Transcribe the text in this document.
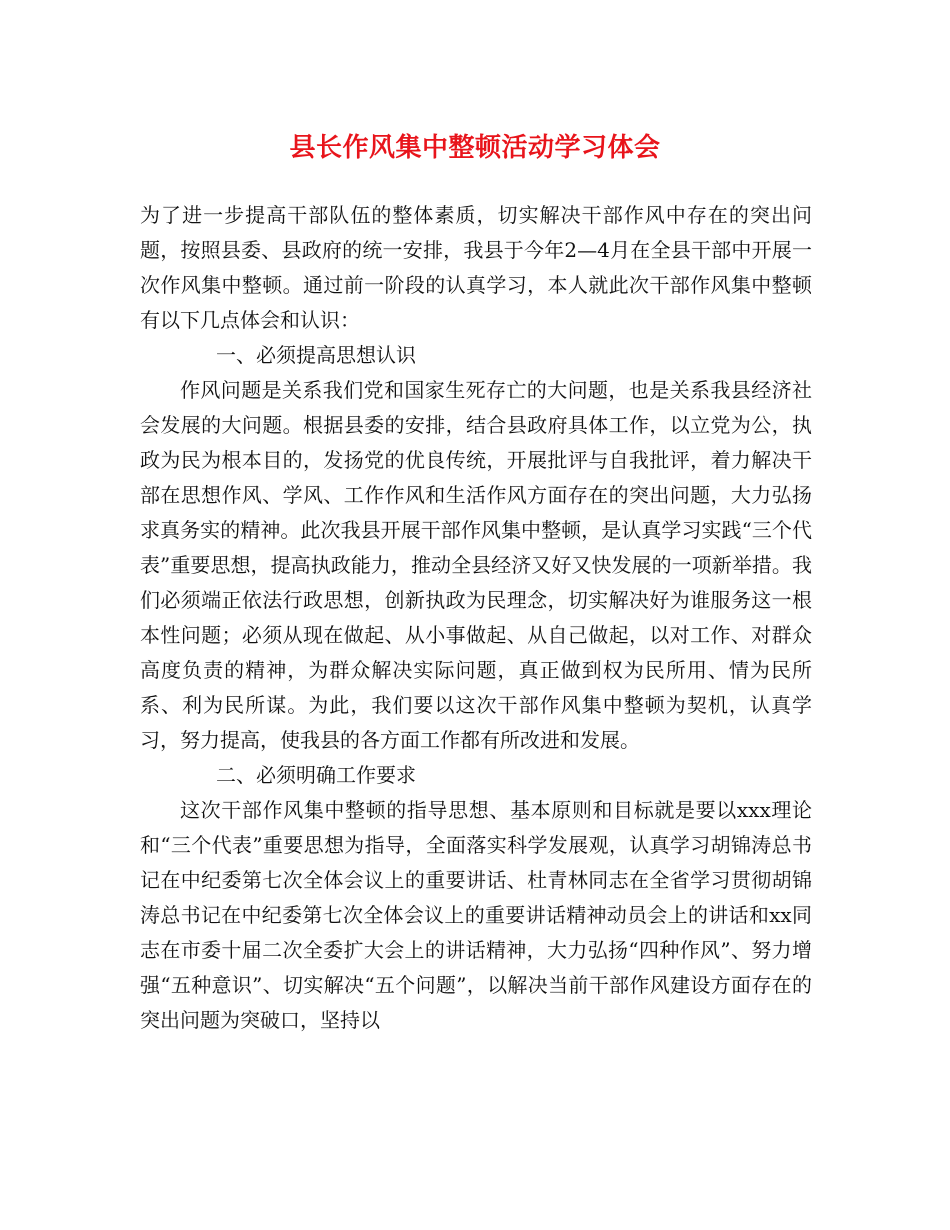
县长作风集中整顿活动学习体会

为了进一步提高干部队伍的整体素质，切实解决干部作风中存在的突出问题，按照县委、县政府的统一安排，我县于今年2—4月在全县干部中开展一次作风集中整顿。通过前一阶段的认真学习，本人就此次干部作风集中整顿有以下几点体会和认识：

一、必须提高思想认识

作风问题是关系我们党和国家生死存亡的大问题，也是关系我县经济社会发展的大问题。根据县委的安排，结合县政府具体工作，以立党为公，执政为民为根本目的，发扬党的优良传统，开展批评与自我批评，着力解决干部在思想作风、学风、工作作风和生活作风方面存在的突出问题，大力弘扬求真务实的精神。此次我县开展干部作风集中整顿，是认真学习实践“三个代表”重要思想，提高执政能力，推动全县经济又好又快发展的一项新举措。我们必须端正依法行政思想，创新执政为民理念，切实解决好为谁服务这一根本性问题；必须从现在做起、从小事做起、从自己做起，以对工作、对群众高度负责的精神，为群众解决实际问题，真正做到权为民所用、情为民所系、利为民所谋。为此，我们要以这次干部作风集中整顿为契机，认真学习，努力提高，使我县的各方面工作都有所改进和发展。

二、必须明确工作要求

这次干部作风集中整顿的指导思想、基本原则和目标就是要以xxx理论和“三个代表”重要思想为指导，全面落实科学发展观，认真学习胡锦涛总书记在中纪委第七次全体会议上的重要讲话、杜青林同志在全省学习贯彻胡锦涛总书记在中纪委第七次全体会议上的重要讲话精神动员会上的讲话和xx同志在市委十届二次全委扩大会上的讲话精神，大力弘扬“四种作风”、努力增强“五种意识”、切实解决“五个问题”，以解决当前干部作风建设方面存在的突出问题为突破口，坚持以
